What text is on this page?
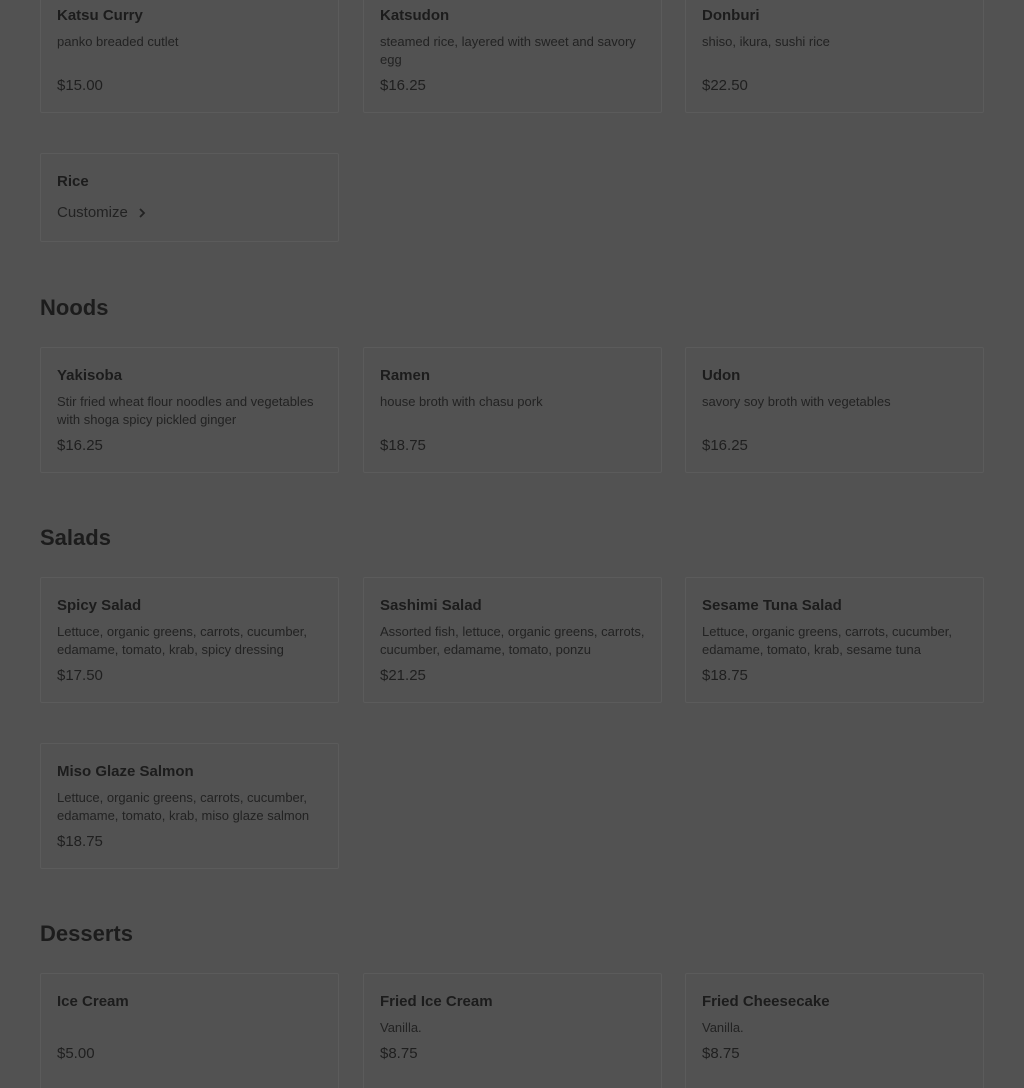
Katsu Curry
panko breaded cutlet
$15.00
Katsudon
steamed rice, layered with sweet and savory egg
$16.25
Donburi
shiso, ikura, sushi rice
$22.50
Rice
Customize
Noods
Yakisoba
Stir fried wheat flour noodles and vegetables with shoga spicy pickled ginger
$16.25
Ramen
house broth with chasu pork
$18.75
Udon
savory soy broth with vegetables
$16.25
Salads
Spicy Salad
Lettuce, organic greens, carrots, cucumber, edamame, tomato, krab, spicy dressing
$17.50
Sashimi Salad
Assorted fish, lettuce, organic greens, carrots, cucumber, edamame, tomato, ponzu
$21.25
Sesame Tuna Salad
Lettuce, organic greens, carrots, cucumber, edamame, tomato, krab, sesame tuna
$18.75
Miso Glaze Salmon
Lettuce, organic greens, carrots, cucumber, edamame, tomato, krab, miso glaze salmon
$18.75
Desserts
Ice Cream
$5.00
Fried Ice Cream
Vanilla.
$8.75
Fried Cheesecake
Vanilla.
$8.75
